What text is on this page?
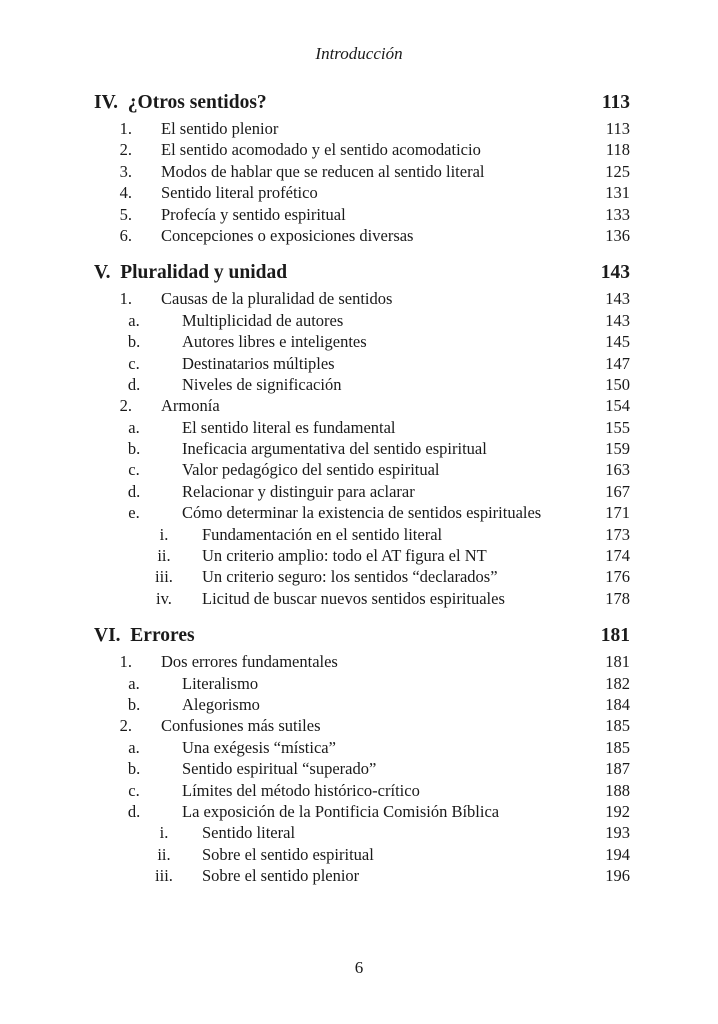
Introducción
IV. ¿Otros sentidos?	113
1. El sentido plenior	113
2. El sentido acomodado y el sentido acomodaticio	118
3. Modos de hablar que se reducen al sentido literal	125
4. Sentido literal profético	131
5. Profecía y sentido espiritual	133
6. Concepciones o exposiciones diversas	136
V. Pluralidad y unidad	143
1. Causas de la pluralidad de sentidos	143
a.	Multiplicidad de autores	143
b.	Autores libres e inteligentes	145
c.	Destinatarios múltiples	147
d.	Niveles de significación	150
2. Armonía	154
a.	El sentido literal es fundamental	155
b.	Ineficacia argumentativa del sentido espiritual	159
c.	Valor pedagógico del sentido espiritual	163
d.	Relacionar y distinguir para aclarar	167
e.	Cómo determinar la existencia de sentidos espirituales	171
i.	Fundamentación en el sentido literal	173
ii.	Un criterio amplio: todo el AT figura el NT	174
iii. Un criterio seguro: los sentidos “declarados”	176
iv. Licitud de buscar nuevos sentidos espirituales	178
VI. Errores	181
1. Dos errores fundamentales	181
a.	Literalismo	182
b.	Alegorismo	184
2. Confusiones más sutiles	185
a.	Una exégesis “mística”	185
b.	Sentido espiritual “superado”	187
c.	Límites del método histórico-crítico	188
d.	La exposición de la Pontificia Comisión Bíblica	192
i.	Sentido literal	193
ii.	Sobre el sentido espiritual	194
iii. Sobre el sentido plenior	196
6
